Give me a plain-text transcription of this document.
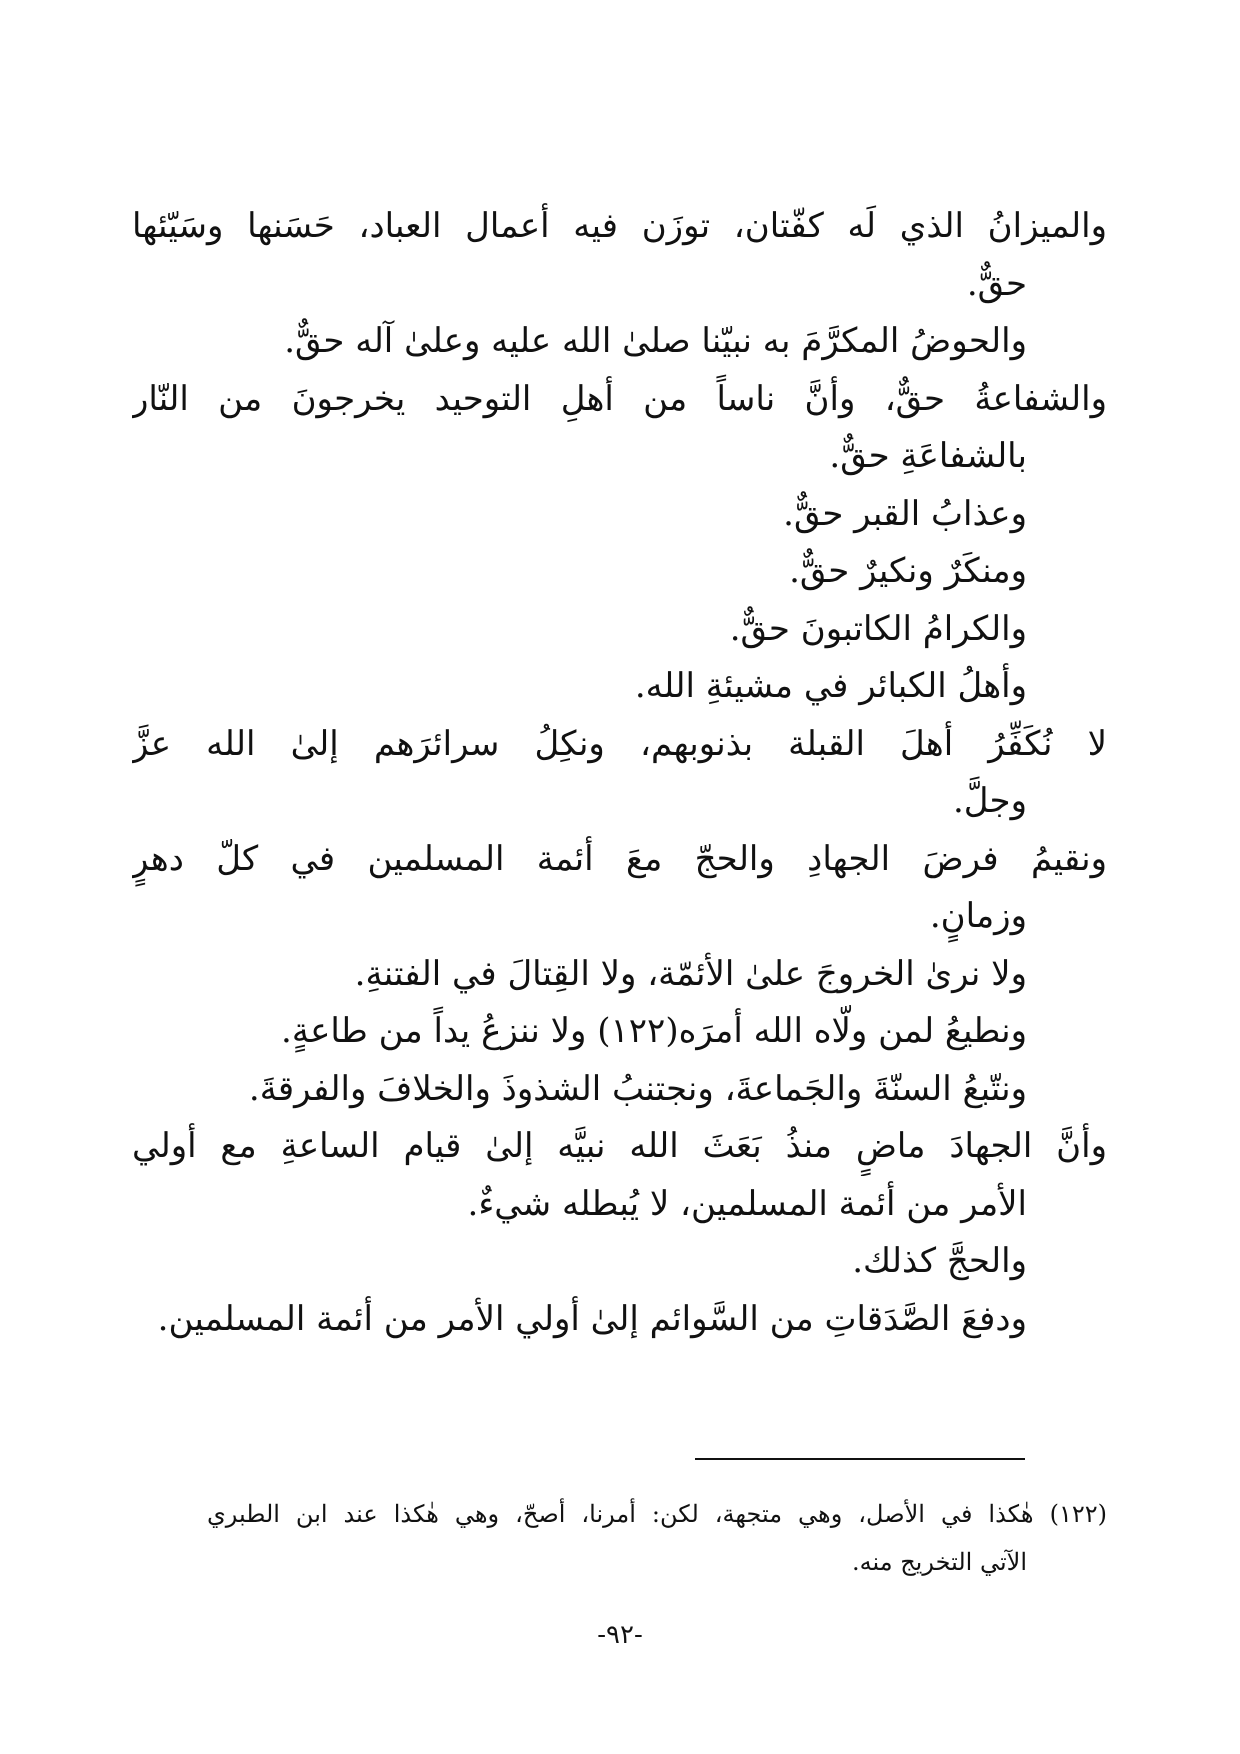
والميزانُ الذي لَه كفّتان، توزَن فيه أعمال العباد، حَسَنها وسَيّئها
حقٌّ.
والحوضُ المكرَّمَ به نبيّنا صلىٰ الله عليه وعلىٰ آله حقٌّ.
والشفاعةُ حقٌّ، وأنَّ ناساً من أهلِ التوحيد يخرجونَ من النّار
بالشفاعَةِ حقٌّ.
وعذابُ القبر حقٌّ.
ومنكَرٌ ونكيرٌ حقٌّ.
والكرامُ الكاتبونَ حقٌّ.
وأهلُ الكبائر في مشيئةِ الله.
لا نُكَفِّرُ أهلَ القبلة بذنوبهم، ونكِلُ سرائرَهم إلىٰ الله عزَّ
وجلَّ.
ونقيمُ فرضَ الجهادِ والحجّ معَ أئمة المسلمين في كلّ دهرٍ
وزمانٍ.
ولا نرىٰ الخروجَ علىٰ الأئمّة، ولا القِتالَ في الفتنةِ.
ونطيعُ لمن ولّاه الله أمرَه(١٢٢) ولا ننزعُ يداً من طاعةٍ.
ونتّبعُ السنّةَ والجَماعةَ، ونجتنبُ الشذوذَ والخلافَ والفرقةَ.
وأنَّ الجهادَ ماضٍ منذُ بَعَثَ الله نبيَّه إلىٰ قيام الساعةِ مع أولي
الأمر من أئمة المسلمين، لا يُبطله شيءٌ.
والحجَّ كذلك.
ودفعَ الصَّدَقاتِ من السَّوائم إلىٰ أولي الأمر من أئمة المسلمين.
(١٢٢) هٰكذا في الأصل، وهي متجهة، لكن: أمرنا، أصحّ، وهي هٰكذا عند ابن الطبري
الآتي التخريج منه.
-٩٢-
